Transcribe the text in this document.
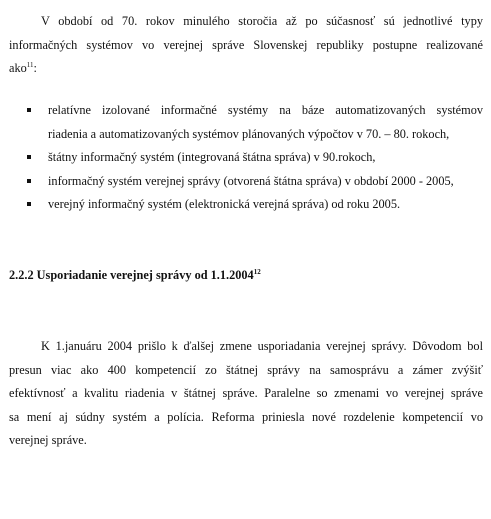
V období od 70. rokov minulého storočia až po súčasnosť sú jednotlivé typy
informačných systémov vo verejnej správe Slovenskej republiky postupne realizované
ako$^{11}$:
relatívne izolované informačné systémy na báze automatizovaných systémov
riadenia a automatizovaných systémov plánovaných výpočtov v 70. – 80. rokoch,
štátny informačný systém (integrovaná štátna správa) v 90.rokoch,
informačný systém verejnej správy (otvorená štátna správa) v období 2000 - 2005,
verejný informačný systém (elektronická verejná správa) od roku 2005.
2.2.2 Usporiadanie verejnej správy od 1.1.2004$^{12}$
K 1.januáru 2004 prišlo k ďalšej zmene usporiadania verejnej správy. Dôvodom bol
presun viac ako 400 kompetencií zo štátnej správy na samosprávu a zámer zvýšiť
efektívnosť a kvalitu riadenia v štátnej správe. Paralelne so zmenami vo verejnej správe
sa mení aj súdny systém a polícia. Reforma priniesla nové rozdelenie kompetencií vo
verejnej správe.
